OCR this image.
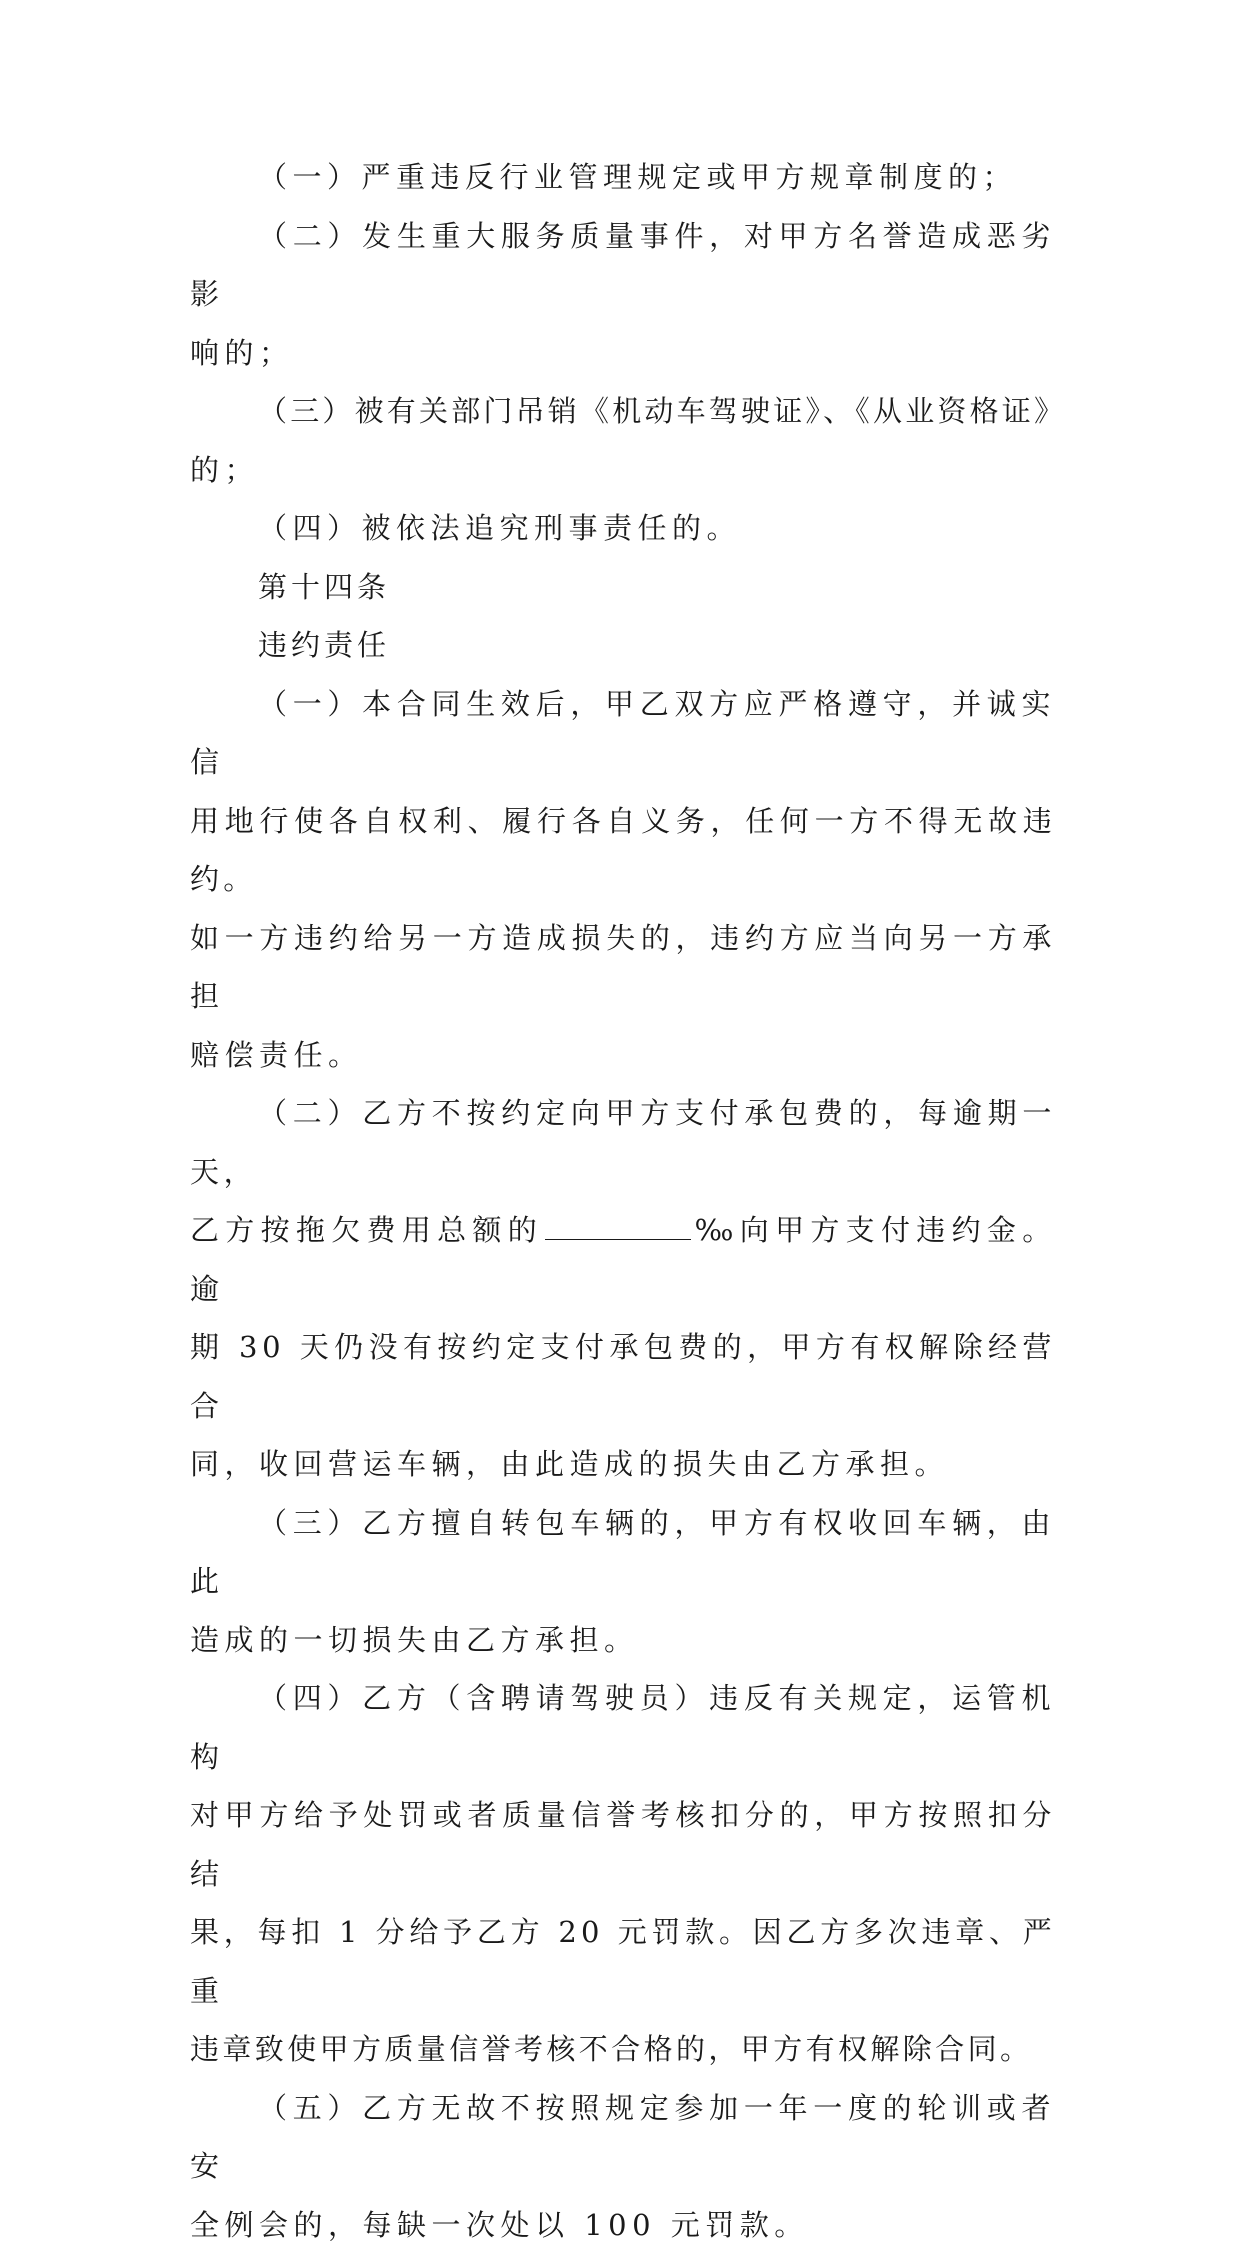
（一）严重违反行业管理规定或甲方规章制度的；

（二）发生重大服务质量事件，对甲方名誉造成恶劣影
响的；

（三）被有关部门吊销《机动车驾驶证》、《从业资格证》
的；

（四）被依法追究刑事责任的。

第十四条

违约责任

（一）本合同生效后，甲乙双方应严格遵守，并诚实信
用地行使各自权利、履行各自义务，任何一方不得无故违约。
如一方违约给另一方造成损失的，违约方应当向另一方承担
赔偿责任。

（二）乙方不按约定向甲方支付承包费的，每逾期一天，
乙方按拖欠费用总额的	‰向甲方支付违约金。逾
期 30 天仍没有按约定支付承包费的，甲方有权解除经营合
同，收回营运车辆，由此造成的损失由乙方承担。

（三）乙方擅自转包车辆的，甲方有权收回车辆，由此
造成的一切损失由乙方承担。

（四）乙方（含聘请驾驶员）违反有关规定，运管机构
对甲方给予处罚或者质量信誉考核扣分的，甲方按照扣分结
果，每扣 1 分给予乙方 20 元罚款。因乙方多次违章、严重
违章致使甲方质量信誉考核不合格的，甲方有权解除合同。

（五）乙方无故不按照规定参加一年一度的轮训或者安
全例会的，每缺一次处以 100 元罚款。
